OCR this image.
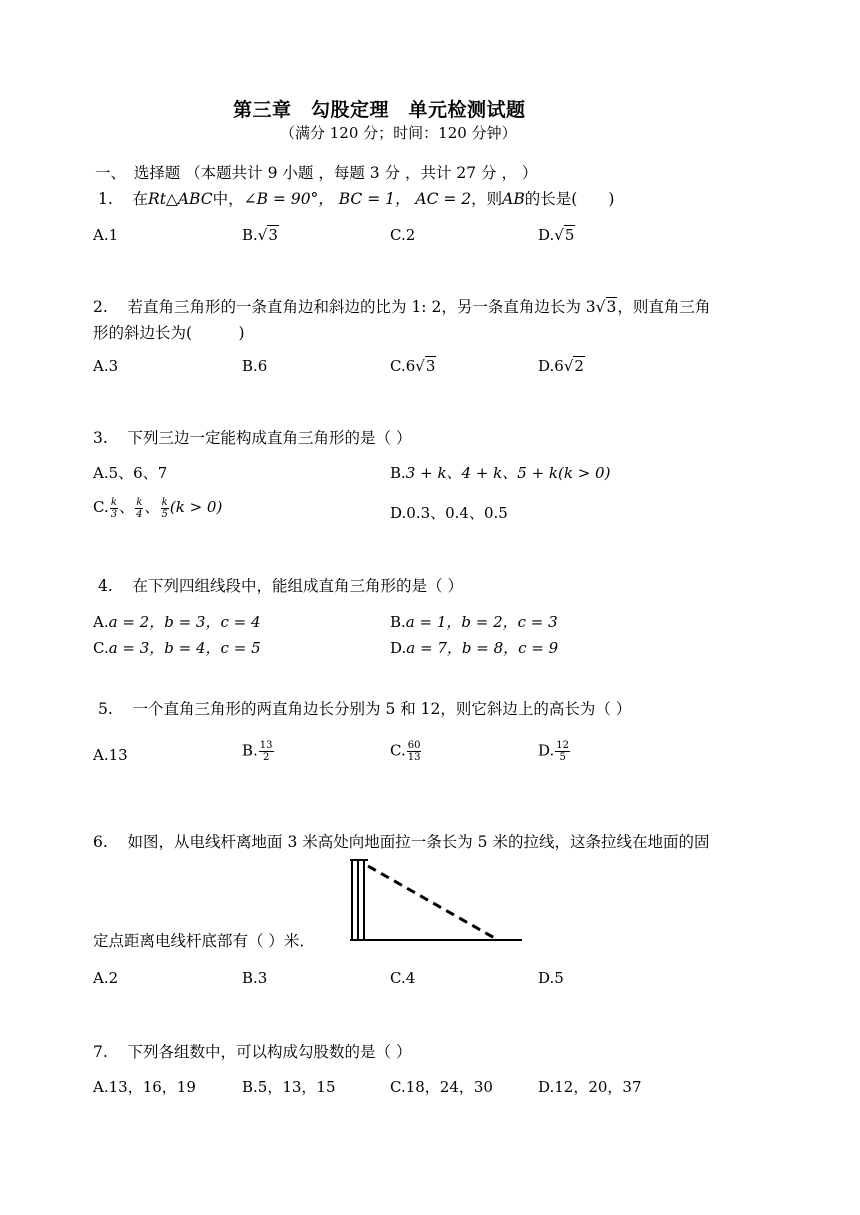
第三章　勾股定理　单元检测试题
（满分 120 分；时间：120 分钟）
一、　选择题 （本题共计 9 小题 ，每题 3 分 ，共计 27 分 ， ）
1. 在Rt△ABC中，∠B = 90°， BC = 1， AC = 2，则AB的长是(　　)
A.1	B.√3	C.2	D.√5
2. 若直角三角形的一条直角边和斜边的比为 1: 2，另一条直角边长为 3√3，则直角三角
形的斜边长为(　　　)
A.3	B.6	C.6√3	D.6√2
3. 下列三边一定能构成直角三角形的是（ ）
A.5、6、7	B.3 + k、4 + k、5 + k(k > 0)
C. $\frac{k}{3}$ 、 $\frac{k}{4}$ 、 $\frac{k}{5} (k > 0)$	D.0.3、0.4、0.5
4. 在下列四组线段中，能组成直角三角形的是（ ）
A.a = 2，b = 3，c = 4	B.a = 1，b = 2，c = 3
C.a = 3，b = 4，c = 5	D.a = 7，b = 8，c = 9
5. 一个直角三角形的两直角边长分别为 5 和 12，则它斜边上的高长为（ ）
A.13	B. $\frac{13}{2}$	C. $\frac{60}{13}$	D. $\frac{12}{5}$
6. 如图，从电线杆离地面 3 米高处向地面拉一条长为 5 米的拉线，这条拉线在地面的固
定点距离电线杆底部有（ ）米．
A.2	B.3	C.4	D.5
7. 下列各组数中，可以构成勾股数的是（ ）
A.13，16，19	B.5，13，15	C.18，24，30	D.12，20，37
